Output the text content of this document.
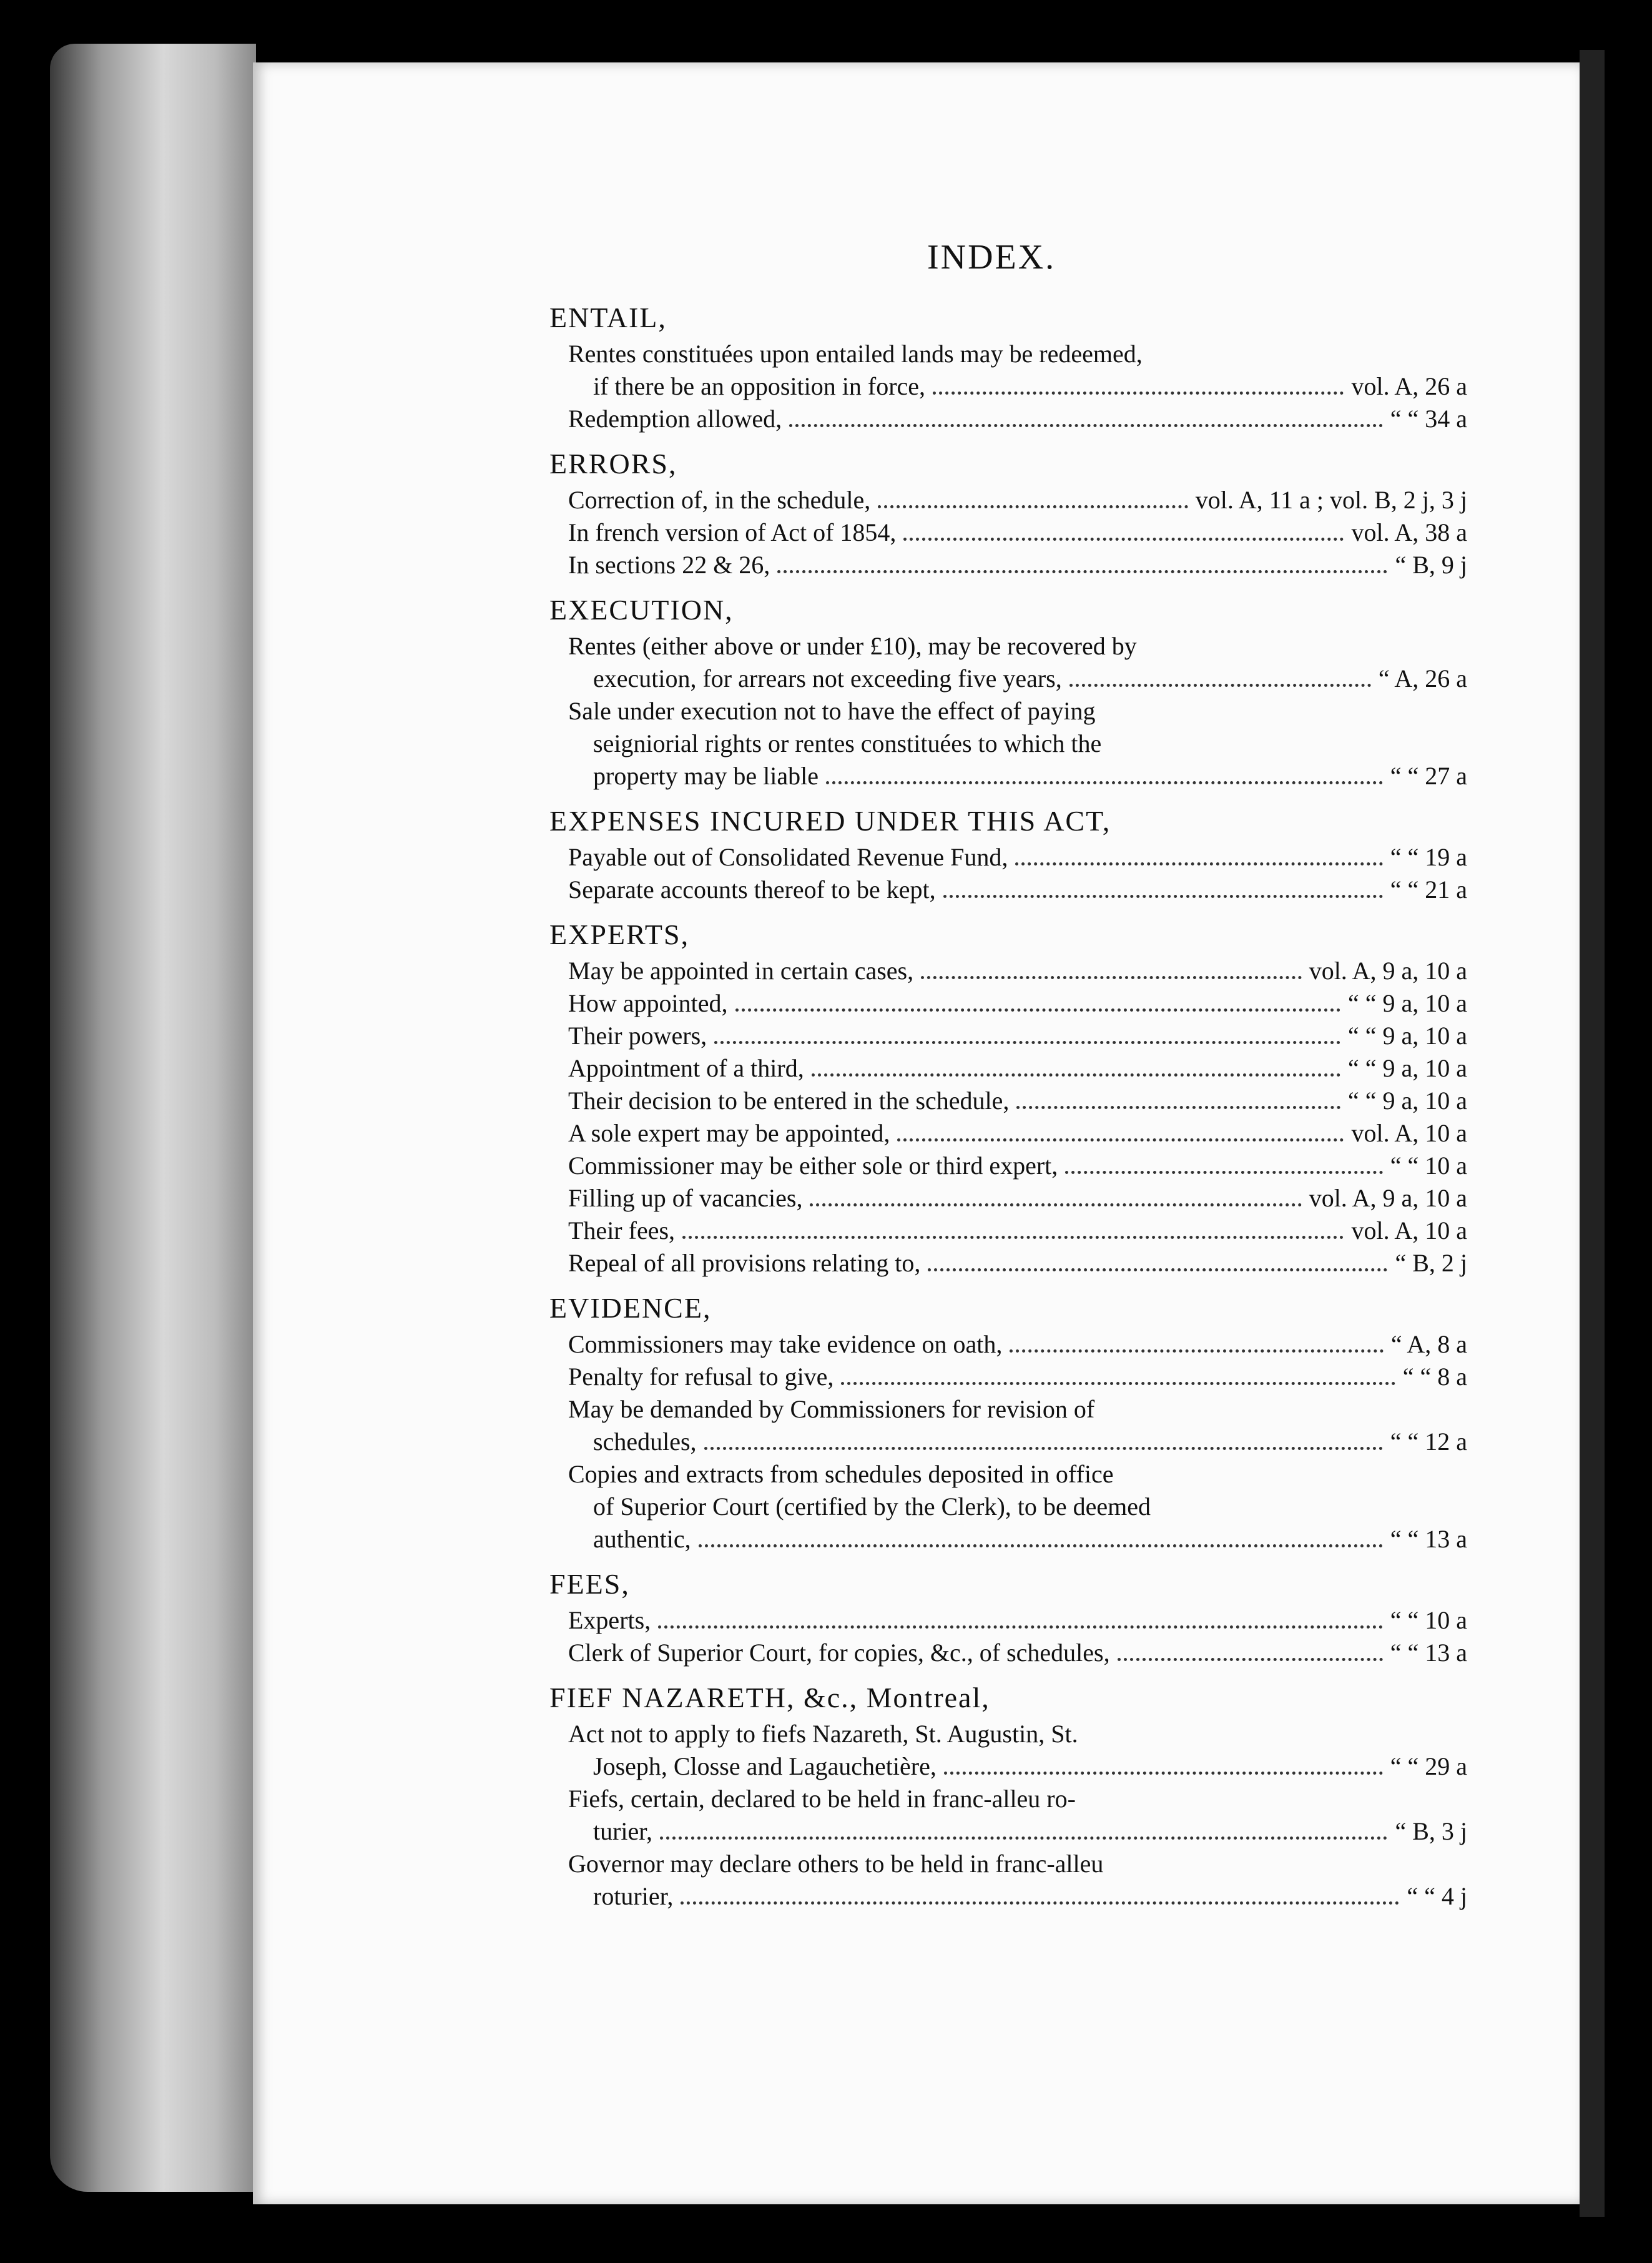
INDEX.
ENTAIL,
Rentes constituées upon entailed lands may be redeemed,
if there be an opposition in force,	vol. A, 26 a
Redemption allowed,	“ “ 34 a
ERRORS,
Correction of, in the schedule,	vol. A, 11 a ; vol. B, 2 j, 3 j
In french version of Act of 1854,	vol. A, 38 a
In sections 22 & 26,	“ B, 9 j
EXECUTION,
Rentes (either above or under £10), may be recovered by
execution, for arrears not exceeding five years,	“ A, 26 a
Sale under execution not to have the effect of paying
seigniorial rights or rentes constituées to which the
property may be liable	“ “ 27 a
EXPENSES INCURED UNDER THIS ACT,
Payable out of Consolidated Revenue Fund,	“ “ 19 a
Separate accounts thereof to be kept,	“ “ 21 a
EXPERTS,
May be appointed in certain cases,	vol. A, 9 a, 10 a
How appointed,	“ “ 9 a, 10 a
Their powers,	“ “ 9 a, 10 a
Appointment of a third,	“ “ 9 a, 10 a
Their decision to be entered in the schedule,	“ “ 9 a, 10 a
A sole expert may be appointed,	vol. A, 10 a
Commissioner may be either sole or third expert,	“ “ 10 a
Filling up of vacancies,	vol. A, 9 a, 10 a
Their fees,	vol. A, 10 a
Repeal of all provisions relating to,	“ B, 2 j
EVIDENCE,
Commissioners may take evidence on oath,	“ A, 8 a
Penalty for refusal to give,	“ “ 8 a
May be demanded by Commissioners for revision of
schedules,	“ “ 12 a
Copies and extracts from schedules deposited in office
of Superior Court (certified by the Clerk), to be deemed
authentic,	“ “ 13 a
FEES,
Experts,	“ “ 10 a
Clerk of Superior Court, for copies, &c., of schedules,	“ “ 13 a
FIEF NAZARETH, &c., Montreal,
Act not to apply to fiefs Nazareth, St. Augustin, St.
Joseph, Closse and Lagauchetière,	“ “ 29 a
Fiefs, certain, declared to be held in franc-alleu ro-
turier,	“ B, 3 j
Governor may declare others to be held in franc-alleu
roturier,	“ “ 4 j
